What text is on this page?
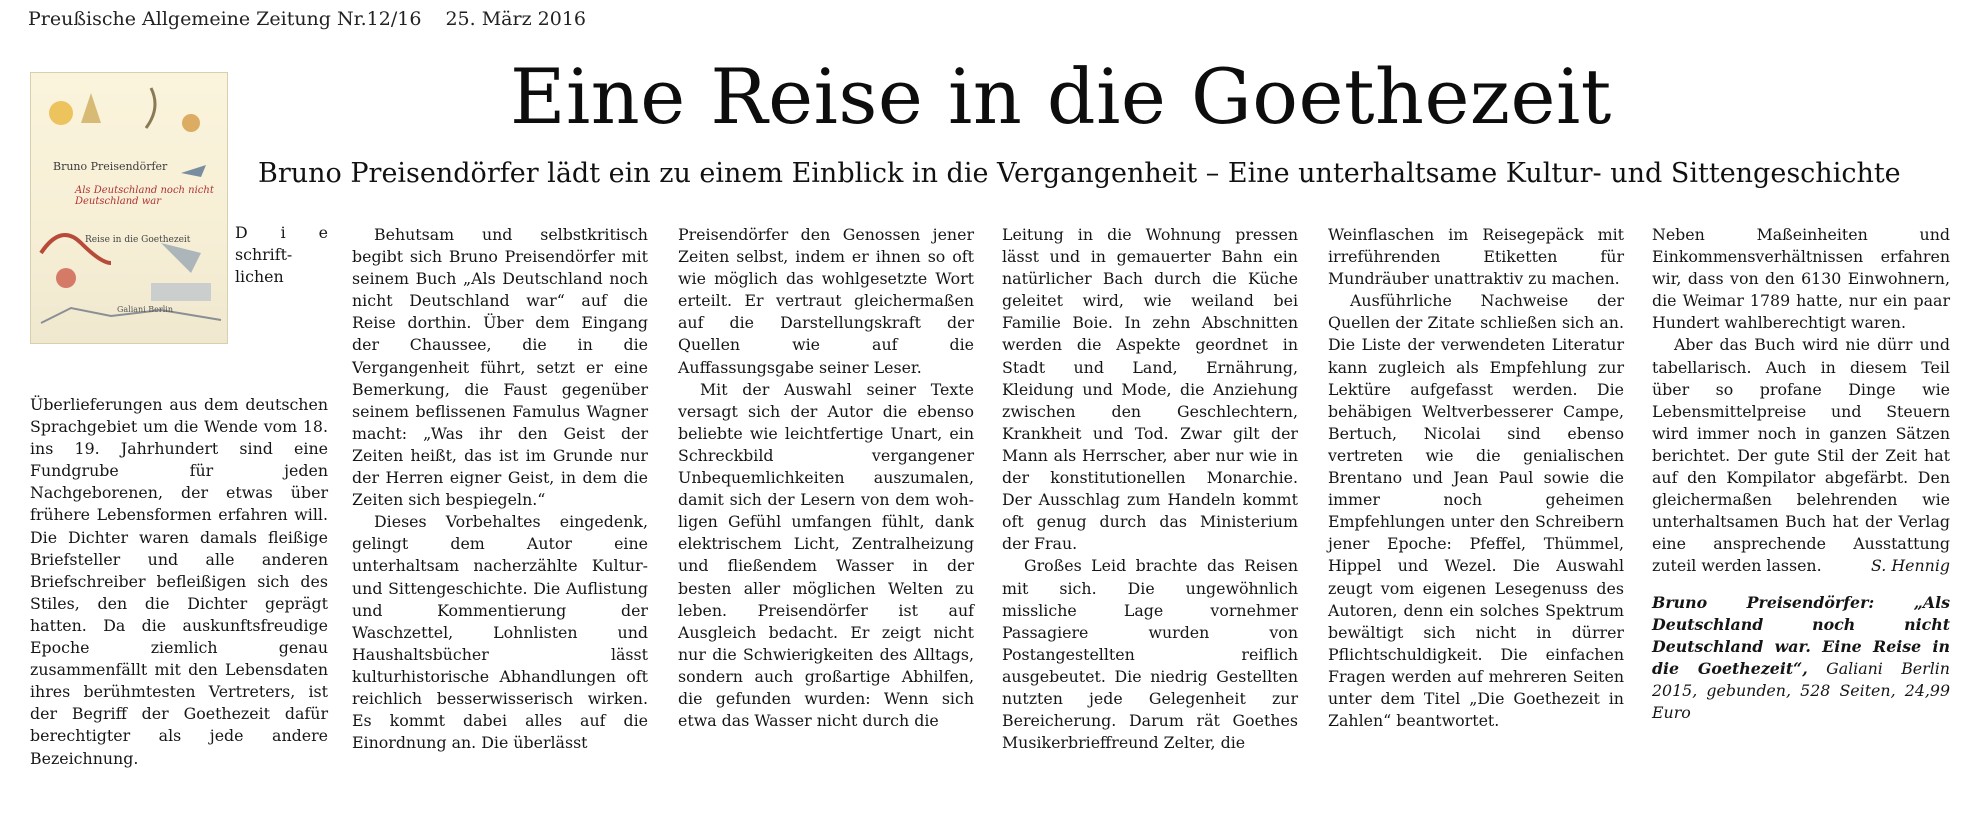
Preußische Allgemeine Zeitung Nr.12/16 25. März 2016
Bruno Preisendörfer
Als Deutschland noch nicht Deutschland war
Reise in die Goethezeit
Galiani Berlin
Eine Reise in die Goethezeit
Bruno Preisendörfer lädt ein zu einem Einblick in die Vergangenheit – Eine unterhaltsame Kultur- und Sittengeschichte

D i e schrift-lichen Überlieferungen aus dem deutschen Sprachgebiet um die Wende vom 18. ins 19. Jahrhundert sind eine Fundgrube für jeden Nachgeborenen, der etwas über frühere Lebensformen erfahren will. Die Dichter waren damals fleißige Briefsteller und alle anderen Briefschreiber befleißigen sich des Stiles, den die Dichter geprägt hatten. Da die auskunftsfreudige Epoche ziemlich genau zusammenfällt mit den Lebensdaten ihres berühmtesten Vertreters, ist der Begriff der Goethezeit dafür berechtigter als jede andere Bezeichnung.

Behutsam und selbstkritisch begibt sich Bruno Preisendörfer mit seinem Buch „Als Deutschland noch nicht Deutschland war“ auf die Reise dorthin. Über dem Eingang der Chaussee, die in die Vergangenheit führt, setzt er eine Bemerkung, die Faust gegenüber seinem beflissenen Famulus Wagner macht: „Was ihr den Geist der Zeiten heißt, das ist im Grunde nur der Herren eigner Geist, in dem die Zeiten sich bespiegeln.“

Dieses Vorbehaltes eingedenk, gelingt dem Autor eine unterhaltsam nacherzählte Kultur- und Sittengeschichte. Die Auflistung und Kommentierung der Waschzettel, Lohnlisten und Haushaltsbücher lässt kulturhistorische Abhandlungen oft reichlich besserwisserisch wirken. Es kommt dabei alles auf die Einordnung an. Die überlässt

Preisendörfer den Genossen jener Zeiten selbst, indem er ihnen so oft wie möglich das wohlgesetzte Wort erteilt. Er vertraut gleichermaßen auf die Darstellungskraft der Quellen wie auf die Auffassungsgabe seiner Leser.

Mit der Auswahl seiner Texte versagt sich der Autor die ebenso beliebte wie leichtfertige Unart, ein Schreckbild vergangener Unbequemlichkeiten auszumalen, damit sich der Lesern von dem woh-ligen Gefühl umfangen fühlt, dank elektrischem Licht, Zentralheizung und fließendem Wasser in der besten aller möglichen Welten zu leben. Preisendörfer ist auf Ausgleich bedacht. Er zeigt nicht nur die Schwierigkeiten des Alltags, sondern auch großartige Abhilfen, die gefunden wurden: Wenn sich etwa das Wasser nicht durch die

Leitung in die Wohnung pressen lässt und in gemauerter Bahn ein natürlicher Bach durch die Küche geleitet wird, wie weiland bei Familie Boie. In zehn Abschnitten werden die Aspekte geordnet in Stadt und Land, Ernährung, Kleidung und Mode, die Anziehung zwischen den Geschlechtern, Krankheit und Tod. Zwar gilt der Mann als Herrscher, aber nur wie in der konstitutionellen Monarchie. Der Ausschlag zum Handeln kommt oft genug durch das Ministerium der Frau.

Großes Leid brachte das Reisen mit sich. Die ungewöhnlich missliche Lage vornehmer Passagiere wurden von Postangestellten reiflich ausgebeutet. Die niedrig Gestellten nutzten jede Gelegenheit zur Bereicherung. Darum rät Goethes Musikerbrieffreund Zelter, die

Weinflaschen im Reisegepäck mit irreführenden Etiketten für Mundräuber unattraktiv zu machen.

Ausführliche Nachweise der Quellen der Zitate schließen sich an. Die Liste der verwendeten Literatur kann zugleich als Empfehlung zur Lektüre aufgefasst werden. Die behäbigen Weltverbesserer Campe, Bertuch, Nicolai sind ebenso vertreten wie die genialischen Brentano und Jean Paul sowie die immer noch geheimen Empfehlungen unter den Schreibern jener Epoche: Pfeffel, Thümmel, Hippel und Wezel. Die Auswahl zeugt vom eigenen Lesegenuss des Autoren, denn ein solches Spektrum bewältigt sich nicht in dürrer Pflichtschuldigkeit. Die einfachen Fragen werden auf mehreren Seiten unter dem Titel „Die Goethezeit in Zahlen“ beantwortet.

Neben Maßeinheiten und Einkommensverhältnissen erfahren wir, dass von den 6130 Einwohnern, die Weimar 1789 hatte, nur ein paar Hundert wahlberechtigt waren.

Aber das Buch wird nie dürr und tabellarisch. Auch in diesem Teil über so profane Dinge wie Lebensmittelpreise und Steuern wird immer noch in ganzen Sätzen berichtet. Der gute Stil der Zeit hat auf den Kompilator abgefärbt. Den gleichermaßen belehrenden wie unterhaltsamen Buch hat der Verlag eine ansprechende Ausstattung zuteil werden lassen.	S. Hennig

Bruno Preisendörfer: „Als Deutschland noch nicht Deutschland war. Eine Reise in die Goethezeit“, Galiani Berlin 2015, gebunden, 528 Seiten, 24,99 Euro
